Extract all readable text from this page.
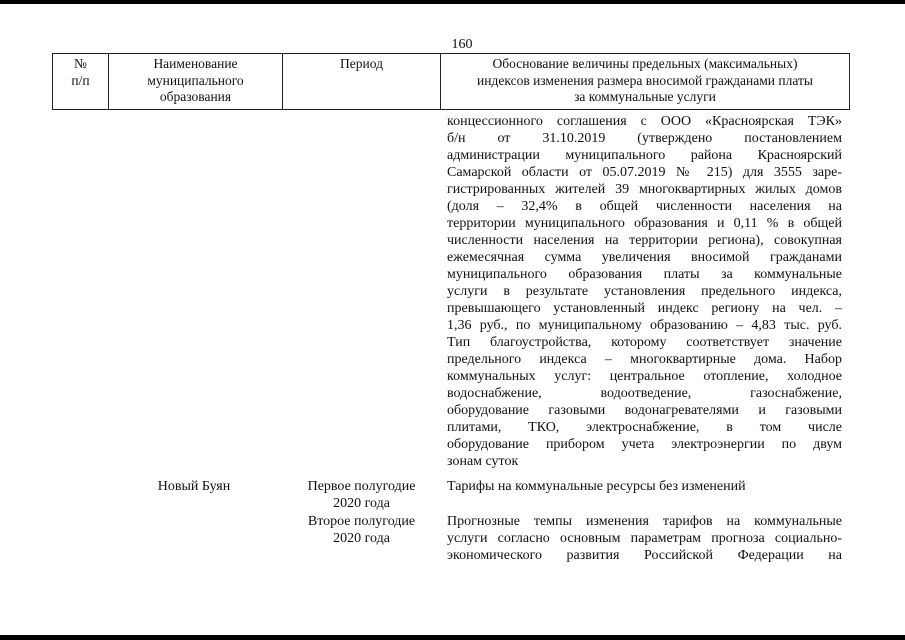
160
№
п/п
Наименование
муниципального
образования
Период	Обоснование величины предельных (максимальных)
индексов изменения размера вносимой гражданами платы
за коммунальные услуги
концессионного соглашения с ООО «Красноярская ТЭК»
б/н от 31.10.2019 (утверждено постановлением
администрации муниципального района Красноярский
Самарской области от 05.07.2019 № 215) для 3555 заре-
гистрированных жителей 39 многоквартирных жилых домов
(доля – 32,4% в общей численности населения на
территории муниципального образования и 0,11 % в общей
численности населения на территории региона), совокупная
ежемесячная сумма увеличения вносимой гражданами
муниципального образования платы за коммунальные
услуги в результате установления предельного индекса,
превышающего установленный индекс региону на чел. –
1,36 руб., по муниципальному образованию – 4,83 тыс. руб.
Тип благоустройства, которому соответствует значение
предельного индекса – многоквартирные дома. Набор
коммунальных услуг: центральное отопление, холодное
водоснабжение, водоотведение, газоснабжение,
оборудование газовыми водонагревателями и газовыми
плитами, ТКО, электроснабжение, в том числе
оборудование прибором учета электроэнергии по двум
зонам суток
Новый Буян	Первое полугодие
2020 года
Тарифы на коммунальные ресурсы без изменений
Второе полугодие
2020 года
Прогнозные темпы изменения тарифов на коммунальные
услуги согласно основным параметрам прогноза социально-
экономического развития Российской Федерации на
